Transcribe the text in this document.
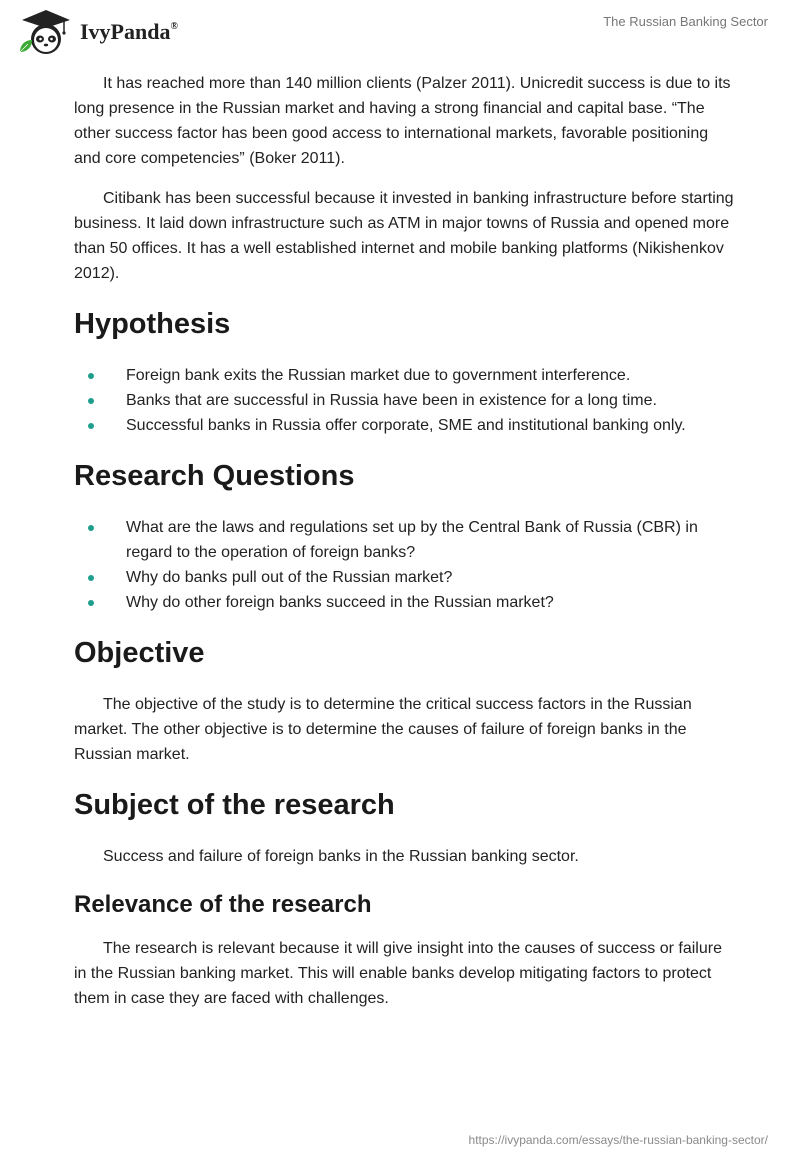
IvyPanda®	The Russian Banking Sector

It has reached more than 140 million clients (Palzer 2011). Unicredit success is due to its long presence in the Russian market and having a strong financial and capital base. “The other success factor has been good access to international markets, favorable positioning and core competencies” (Boker 2011).

Citibank has been successful because it invested in banking infrastructure before starting business. It laid down infrastructure such as ATM in major towns of Russia and opened more than 50 offices. It has a well established internet and mobile banking platforms (Nikishenkov 2012).

Hypothesis
Foreign bank exits the Russian market due to government interference.
Banks that are successful in Russia have been in existence for a long time.
Successful banks in Russia offer corporate, SME and institutional banking only.
Research Questions
What are the laws and regulations set up by the Central Bank of Russia (CBR) in regard to the operation of foreign banks?
Why do banks pull out of the Russian market?
Why do other foreign banks succeed in the Russian market?
Objective

The objective of the study is to determine the critical success factors in the Russian market. The other objective is to determine the causes of failure of foreign banks in the Russian market.

Subject of the research

Success and failure of foreign banks in the Russian banking sector.

Relevance of the research

The research is relevant because it will give insight into the causes of success or failure in the Russian banking market. This will enable banks develop mitigating factors to protect them in case they are faced with challenges.

https://ivypanda.com/essays/the-russian-banking-sector/
